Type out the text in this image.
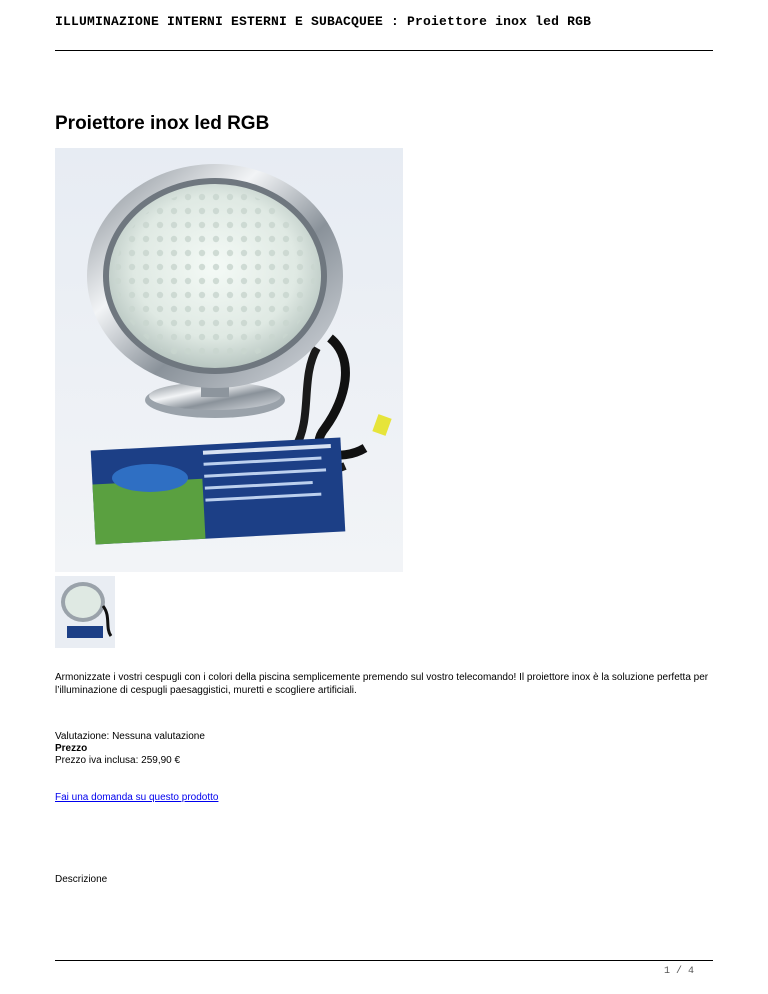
ILLUMINAZIONE INTERNI ESTERNI E SUBACQUEE : Proiettore inox led RGB
Proiettore inox led RGB

Armonizzate i vostri cespugli con i colori della piscina semplicemente premendo sul vostro telecomando! Il proiettore inox è la soluzione perfetta per l’illuminazione di cespugli paesaggistici, muretti e scogliere artificiali.

Valutazione: Nessuna valutazione
Prezzo
Prezzo iva inclusa: 259,90 €
Fai una domanda su questo prodotto
Descrizione
1 / 4
